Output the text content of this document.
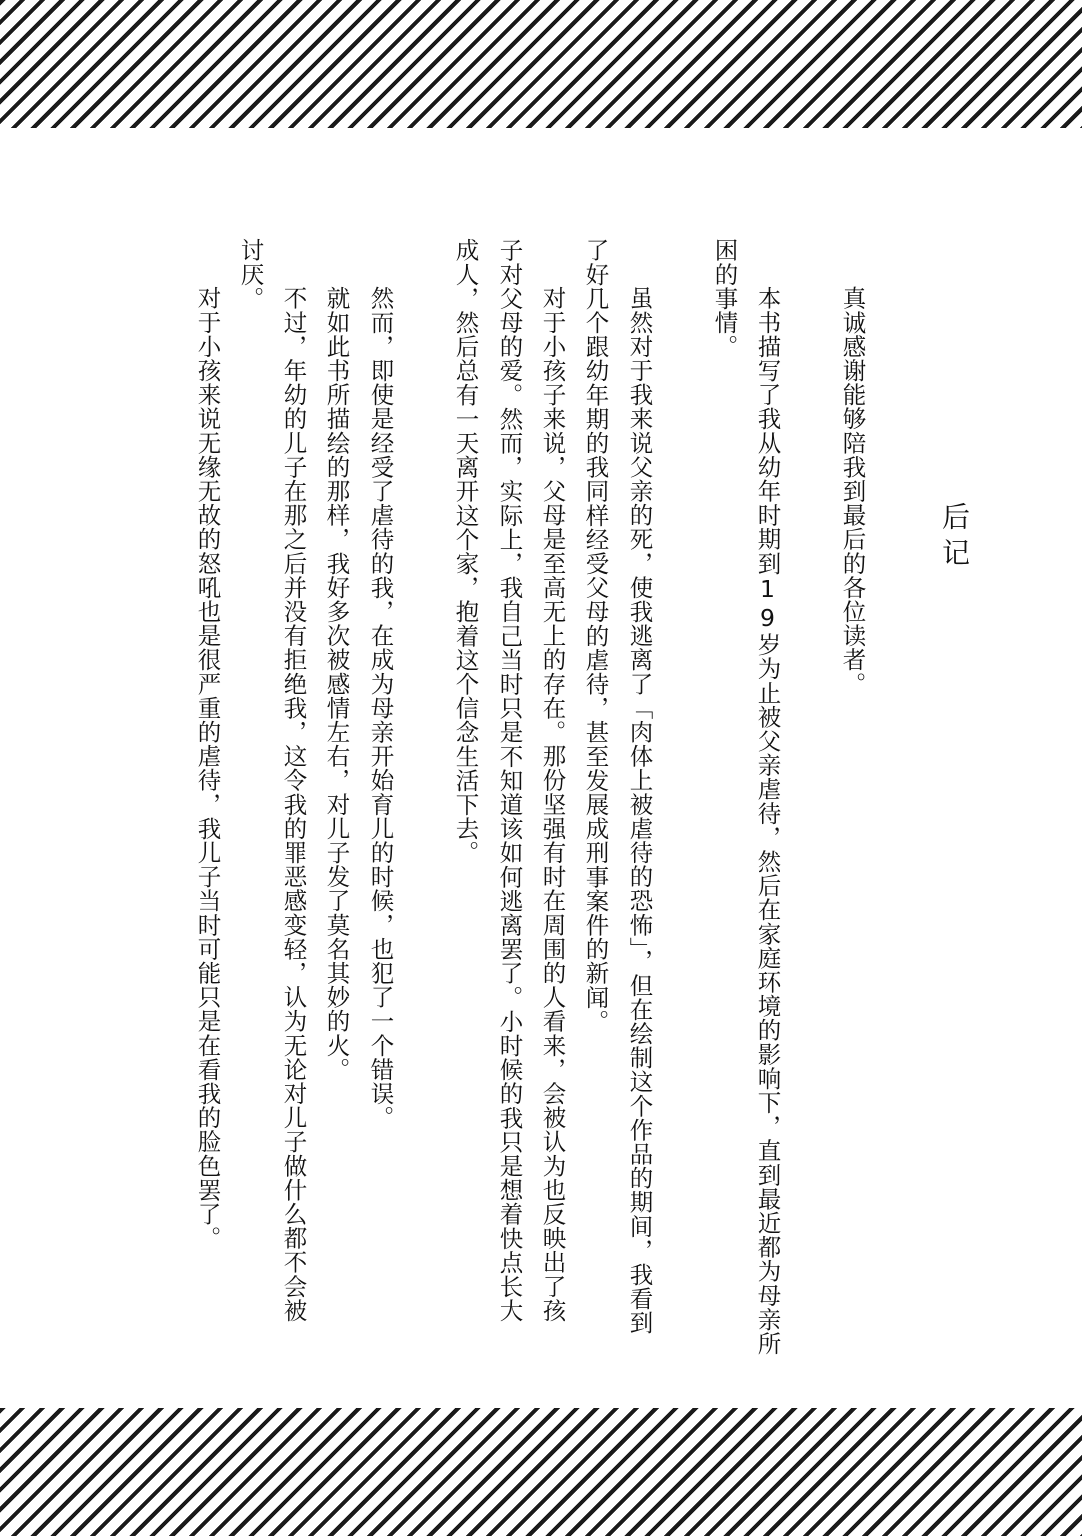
后记
真诚感谢能够陪我到最后的各位读者。
本书描写了我从幼年时期到19岁为止被父亲虐待，然后在家庭环境的影响下，直到最近都为母亲所
困的事情。
虽然对于我来说父亲的死，使我逃离了「肉体上被虐待的恐怖」，但在绘制这个作品的期间，我看到
了好几个跟幼年期的我同样经受父母的虐待，甚至发展成刑事案件的新闻。
对于小孩子来说，父母是至高无上的存在。那份坚强有时在周围的人看来，会被认为也反映出了孩
子对父母的爱。然而，实际上，我自己当时只是不知道该如何逃离罢了。小时候的我只是想着快点长大
成人，然后总有一天离开这个家，抱着这个信念生活下去。
然而，即使是经受了虐待的我，在成为母亲开始育儿的时候，也犯了一个错误。
就如此书所描绘的那样，我好多次被感情左右，对儿子发了莫名其妙的火。
不过，年幼的儿子在那之后并没有拒绝我，这令我的罪恶感变轻，认为无论对儿子做什么都不会被
讨厌。
对于小孩来说无缘无故的怒吼也是很严重的虐待，我儿子当时可能只是在看我的脸色罢了。
